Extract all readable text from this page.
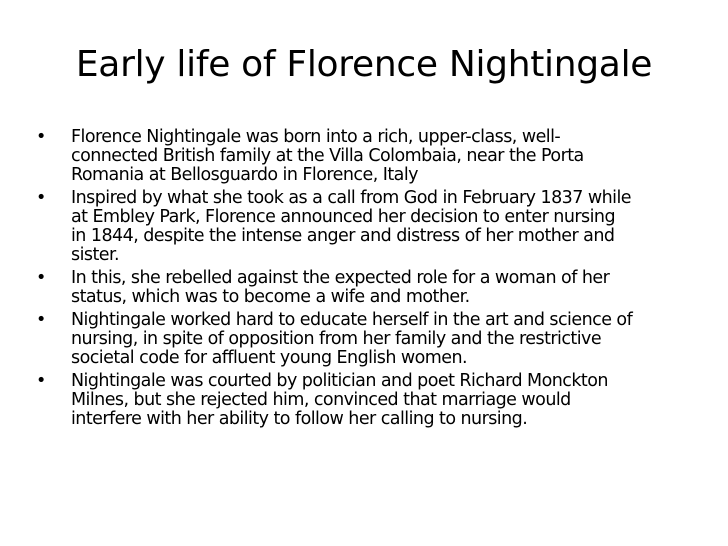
Early life of Florence Nightingale
• Florence Nightingale was born into a rich, upper-class, well-
connected British family at the Villa Colombaia, near the Porta
Romania at Bellosguardo in Florence, Italy
• Inspired by what she took as a call from God in February 1837 while
at Embley Park, Florence announced her decision to enter nursing
in 1844, despite the intense anger and distress of her mother and
sister.
• In this, she rebelled against the expected role for a woman of her
status, which was to become a wife and mother.
• Nightingale worked hard to educate herself in the art and science of
nursing, in spite of opposition from her family and the restrictive
societal code for affluent young English women.
• Nightingale was courted by politician and poet Richard Monckton
Milnes, but she rejected him, convinced that marriage would
interfere with her ability to follow her calling to nursing.
